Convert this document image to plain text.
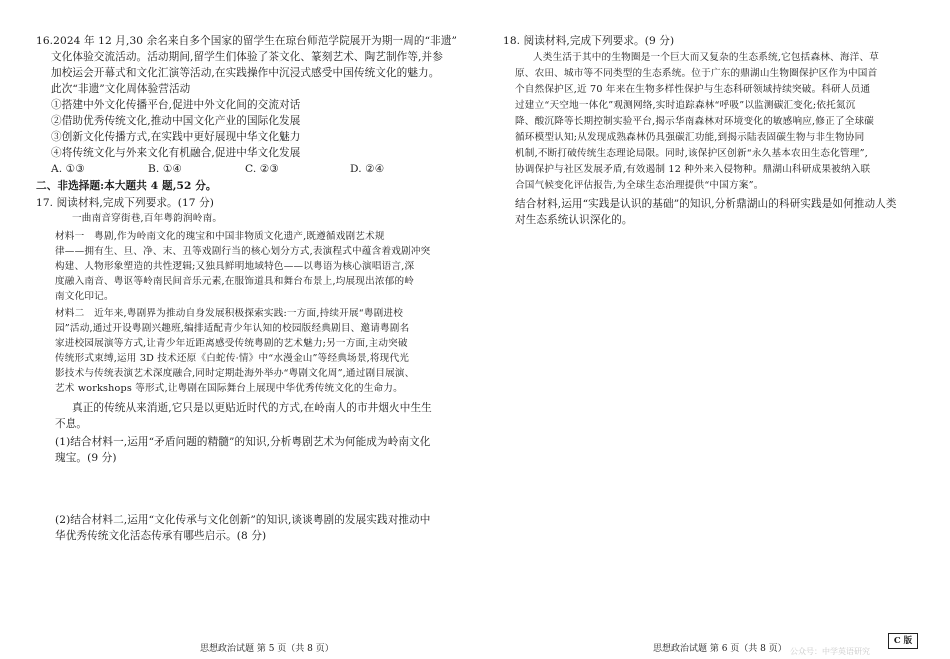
16.2024 年 12 月,30 余名来自多个国家的留学生在琼台师范学院展开为期一周的“非遗”
文化体验交流活动。活动期间,留学生们体验了茶文化、篆刻艺术、陶艺制作等,并参
加校运会开幕式和文化汇演等活动,在实践操作中沉浸式感受中国传统文化的魅力。
此次“非遗”文化周体验营活动
①搭建中外文化传播平台,促进中外文化间的交流对话
②借助优秀传统文化,推动中国文化产业的国际化发展
③创新文化传播方式,在实践中更好展现中华文化魅力
④将传统文化与外来文化有机融合,促进中华文化发展
A. ①③	B. ①④	C. ②③	D. ②④
二、非选择题:本大题共 4 题,52 分。
17. 阅读材料,完成下列要求。(17 分)
一曲南音穿街巷,百年粤韵润岭南。
材料一　粤剧,作为岭南文化的瑰宝和中国非物质文化遗产,既遵循戏剧艺术规
律——拥有生、旦、净、末、丑等戏剧行当的核心划分方式,表演程式中蕴含着戏剧冲突
构建、人物形象塑造的共性逻辑;又独具鲜明地域特色——以粤语为核心演唱语言,深
度融入南音、粤讴等岭南民间音乐元素,在服饰道具和舞台布景上,均展现出浓郁的岭
南文化印记。
材料二　近年来,粤剧界为推动自身发展积极探索实践:一方面,持续开展“粤剧进校
园”活动,通过开设粤剧兴趣班,编排适配青少年认知的校园版经典剧目、邀请粤剧名
家进校园展演等方式,让青少年近距离感受传统粤剧的艺术魅力;另一方面,主动突破
传统形式束缚,运用 3D 技术还原《白蛇传·情》中“水漫金山”等经典场景,将现代光
影技术与传统表演艺术深度融合,同时定期赴海外举办“粤剧文化周”,通过剧目展演、
艺术 workshops 等形式,让粤剧在国际舞台上展现中华优秀传统文化的生命力。
真正的传统从来消逝,它只是以更贴近时代的方式,在岭南人的市井烟火中生生
不息。
(1)结合材料一,运用“矛盾问题的精髓”的知识,分析粤剧艺术为何能成为岭南文化
瑰宝。(9 分)
(2)结合材料二,运用“文化传承与文化创新”的知识,谈谈粤剧的发展实践对推动中
华优秀传统文化活态传承有哪些启示。(8 分)
思想政治试题 第 5 页（共 8 页）
18. 阅读材料,完成下列要求。(9 分)
人类生活于其中的生物圈是一个巨大而又复杂的生态系统,它包括森林、海洋、草
原、农田、城市等不同类型的生态系统。位于广东的鼎湖山生物圈保护区作为中国首
个自然保护区,近 70 年来在生物多样性保护与生态科研领域持续突破。科研人员通
过建立“天空地一体化”观测网络,实时追踪森林“呼吸”以监测碳汇变化;依托氮沉
降、酸沉降等长期控制实验平台,揭示华南森林对环境变化的敏感响应,修正了全球碳
循环模型认知;从发现成熟森林仍具强碳汇功能,到揭示陆表固碳生物与非生物协同
机制,不断打破传统生态理论局限。同时,该保护区创新“永久基本农田生态化管理”,
协调保护与社区发展矛盾,有效遏制 12 种外来入侵物种。鼎湖山科研成果被纳入联
合国气候变化评估报告,为全球生态治理提供“中国方案”。
结合材料,运用“实践是认识的基础”的知识,分析鼎湖山的科研实践是如何推动人类
对生态系统认识深化的。
思想政治试题 第 6 页（共 8 页）
C 版
公众号：中学英语研究
